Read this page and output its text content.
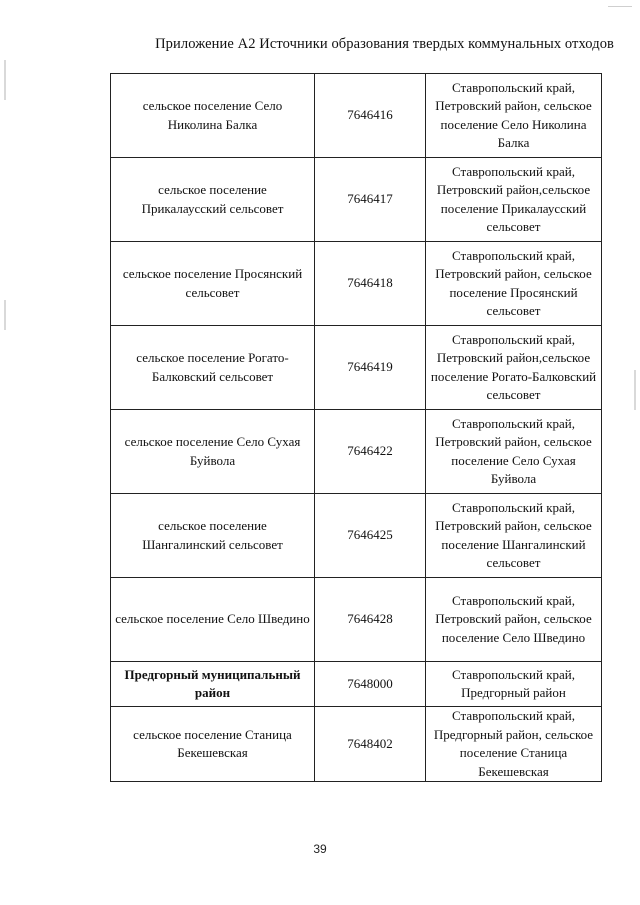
Приложение А2 Источники образования твердых коммунальных отходов
сельское поселение Село Николина Балка	7646416	Ставропольский край, Петровский район, сельское поселение Село Николина Балка
сельское поселение Прикалаусский сельсовет	7646417	Ставропольский край, Петровский район,сельское поселение Прикалаусский сельсовет
сельское поселение Просянский сельсовет	7646418	Ставропольский край, Петровский район, сельское поселение Просянский сельсовет
сельское поселение Рогато-Балковский сельсовет	7646419	Ставропольский край, Петровский район,сельское поселение Рогато-Балковский сельсовет
сельское поселение Село Сухая Буйвола	7646422	Ставропольский край, Петровский район, сельское поселение Село Сухая Буйвола
сельское поселение Шангалинский сельсовет	7646425	Ставропольский край, Петровский район, сельское поселение Шангалинский сельсовет
сельское поселение Село Шведино	7646428	Ставропольский край, Петровский район, сельское поселение Село Шведино
Предгорный муниципальный район	7648000	Ставропольский край, Предгорный район
сельское поселение Станица Бекешевская	7648402	Ставропольский край, Предгорный район, сельское поселение Станица Бекешевская
39
